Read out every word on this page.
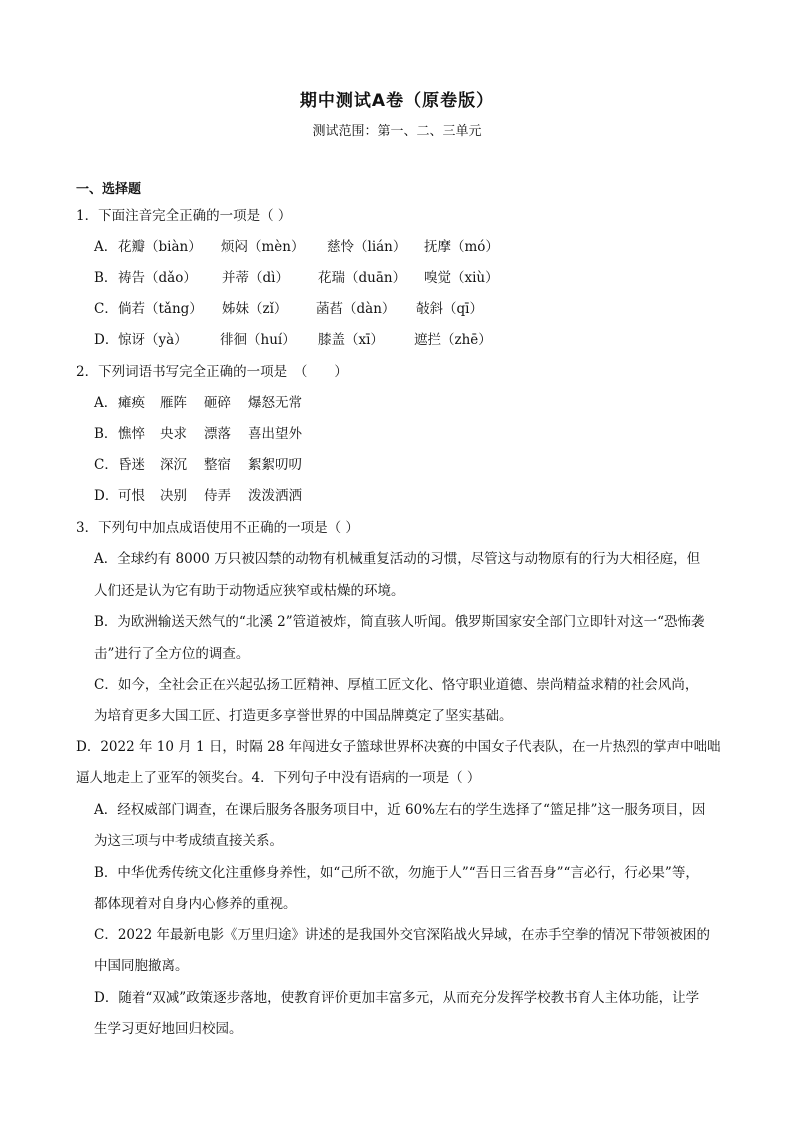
期中测试A卷（原卷版）
测试范围：第一、二、三单元
一、选择题
1．下面注音完全正确的一项是（ ）
A． 花瓣（biàn） 烦闷（mèn） 慈怜（lián） 抚摩（mó）
B． 祷告（dǎo） 并蒂（dì） 花瑞（duān） 嗅觉（xiù）
C． 倘若（tǎng） 姊妹（zǐ） 菡萏（dàn） 敧斜（qī）
D． 惊讶（yà） 徘徊（huí） 膝盖（xī） 遮拦（zhē）
2．下列词语书写完全正确的一项是　（　　）
A． 瘫痪 雁阵 砸碎 爆怒无常
B． 憔悴 央求 漂落 喜出望外
C． 昏迷 深沉 整宿 絮絮叨叨
D． 可恨 决别 侍弄 泼泼洒洒
3．下列句中加点成语使用不正确的一项是（ ）
A．全球约有 8000 万只被囚禁的动物有机械重复活动的习惯，尽管这与动物原有的行为大相径庭，但
人们还是认为它有助于动物适应狭窄或枯燥的环境。
B．为欧洲输送天然气的“北溪 2”管道被炸，简直骇人听闻。俄罗斯国家安全部门立即针对这一“恐怖袭
击”进行了全方位的调查。
C．如今，全社会正在兴起弘扬工匠精神、厚植工匠文化、恪守职业道德、崇尚精益求精的社会风尚，
为培育更多大国工匠、打造更多享誉世界的中国品牌奠定了坚实基础。
D．2022 年 10 月 1 日，时隔 28 年闯进女子篮球世界杯决赛的中国女子代表队，在一片热烈的掌声中咄咄
逼人地走上了亚军的领奖台。4．下列句子中没有语病的一项是（ ）
A．经权威部门调查，在课后服务各服务项目中，近 60%左右的学生选择了“篮足排”这一服务项目，因
为这三项与中考成绩直接关系。
B．中华优秀传统文化注重修身养性，如“己所不欲，勿施于人”“吾日三省吾身”“言必行，行必果”等，
都体现着对自身内心修养的重视。
C．2022 年最新电影《万里归途》讲述的是我国外交官深陷战火异域，在赤手空拳的情况下带领被困的
中国同胞撤离。
D．随着“双减”政策逐步落地，使教育评价更加丰富多元，从而充分发挥学校教书育人主体功能，让学
生学习更好地回归校园。
